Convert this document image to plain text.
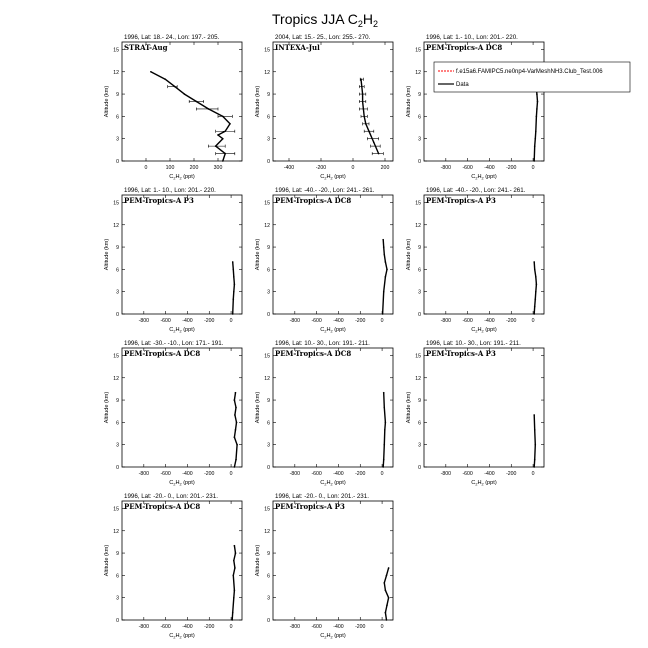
Tropics JJA $C_2H_2$
1996, Lat: 18.- 24., Lon: 197.- 205.
STRAT-Aug
0
3
6
9
12
15
Altitude (km)
0	100	200	300
$C_2H_2$ (ppt)
2004, Lat: 15.- 25., Lon: 255.- 270.
INTEXA-Jul
0
3
6
9
12
15
Altitude (km)
-400	-200	0	200
$C_2H_2$ (ppt)
1996, Lat: 1.- 10., Lon: 201.- 220.
PEM-Tropics-A DC8
0
3
6
9
12
15
Altitude (km)
-800 -600 -400 -200	0
$C_2H_2$ (ppt)
f.e15a6.FAMIPC5.ne0np4-VarMeshNH3.Club_Test.006
Data
1996, Lat: 1.- 10., Lon: 201.- 220.
PEM-Tropics-A P3
0
3
6
9
12
15
Altitude (km)
-800 -600 -400 -200	0
$C_2H_2$ (ppt)
1996, Lat: -40.- -20., Lon: 241.- 261.
PEM-Tropics-A DC8
0
3
6
9
12
15
Altitude (km)
-800 -600 -400 -200	0
$C_2H_2$ (ppt)
1996, Lat: -40.- -20., Lon: 241.- 261.
PEM-Tropics-A P3
0
3
6
9
12
15
Altitude (km)
-800 -600 -400 -200	0
$C_2H_2$ (ppt)
1996, Lat: -30.- -10., Lon: 171.- 191.
PEM-Tropics-A DC8
0
3
6
9
12
15
Altitude (km)
-800 -600 -400 -200	0
$C_2H_2$ (ppt)
1996, Lat: 10.- 30., Lon: 191.- 211.
PEM-Tropics-A DC8
0
3
6
9
12
15
Altitude (km)
-800 -600 -400 -200	0
$C_2H_2$ (ppt)
1996, Lat: 10.- 30., Lon: 191.- 211.
PEM-Tropics-A P3
0
3
6
9
12
15
Altitude (km)
-800 -600 -400 -200	0
$C_2H_2$ (ppt)
1996, Lat: -20.- 0., Lon: 201.- 231.
PEM-Tropics-A DC8
0
3
6
9
12
15
Altitude (km)
-800 -600 -400 -200	0
$C_2H_2$ (ppt)
1996, Lat: -20.- 0., Lon: 201.- 231.
PEM-Tropics-A P3
0
3
6
9
12
15
Altitude (km)
-800 -600 -400 -200	0
$C_2H_2$ (ppt)
